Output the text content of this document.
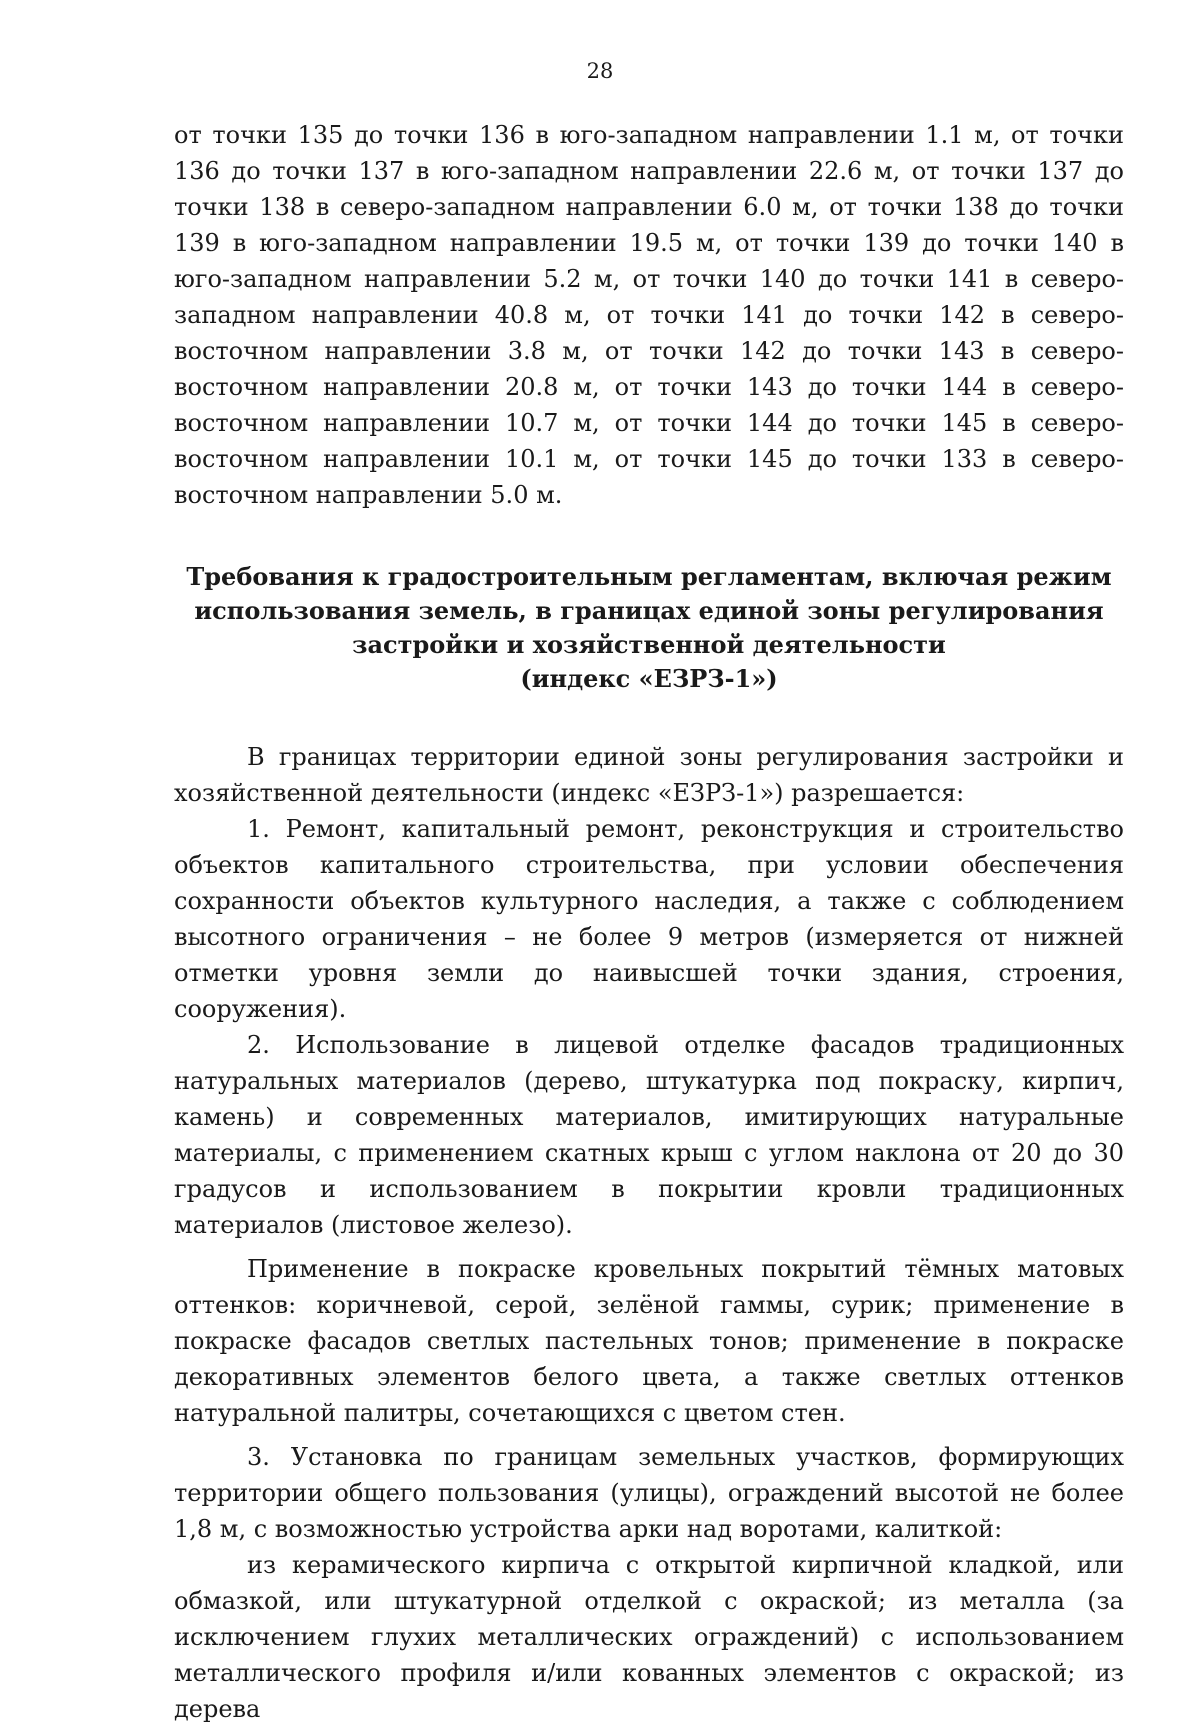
28

от точки 135 до точки 136 в юго-западном направлении 1.1 м, от точки 136 до точки 137 в юго-западном направлении 22.6 м, от точки 137 до точки 138 в северо-западном направлении 6.0 м, от точки 138 до точки 139 в юго-западном направлении 19.5 м, от точки 139 до точки 140 в юго-западном направлении 5.2 м, от точки 140 до точки 141 в северо-западном направлении 40.8 м, от точки 141 до точки 142 в северо-восточном направлении 3.8 м, от точки 142 до точки 143 в северо-восточном направлении 20.8 м, от точки 143 до точки 144 в северо-восточном направлении 10.7 м, от точки 144 до точки 145 в северо-восточном направлении 10.1 м, от точки 145 до точки 133 в северо-восточном направлении 5.0 м.

Требования к градостроительным регламентам, включая режим
использования земель, в границах единой зоны регулирования
застройки и хозяйственной деятельности
(индекс «ЕЗРЗ-1»)

В границах территории единой зоны регулирования застройки и хозяйственной деятельности (индекс «ЕЗРЗ-1») разрешается:

1. Ремонт, капитальный ремонт, реконструкция и строительство объектов капитального строительства, при условии обеспечения сохранности объектов культурного наследия, а также с соблюдением высотного ограничения – не более 9 метров (измеряется от нижней отметки уровня земли до наивысшей точки здания, строения, сооружения).

2. Использование в лицевой отделке фасадов традиционных натуральных материалов (дерево, штукатурка под покраску, кирпич, камень) и современных материалов, имитирующих натуральные материалы, с применением скатных крыш с углом наклона от 20 до 30 градусов и использованием в покрытии кровли традиционных материалов (листовое железо).

Применение в покраске кровельных покрытий тёмных матовых оттенков: коричневой, серой, зелёной гаммы, сурик; применение в покраске фасадов светлых пастельных тонов; применение в покраске декоративных элементов белого цвета, а также светлых оттенков натуральной палитры, сочетающихся с цветом стен.

3. Установка по границам земельных участков, формирующих территории общего пользования (улицы), ограждений высотой не более 1,8 м, с возможностью устройства арки над воротами, калиткой:

из керамического кирпича с открытой кирпичной кладкой, или обмазкой, или штукатурной отделкой с окраской; из металла (за исключением глухих металлических ограждений) с использованием металлического профиля и/или кованных элементов с окраской; из дерева
